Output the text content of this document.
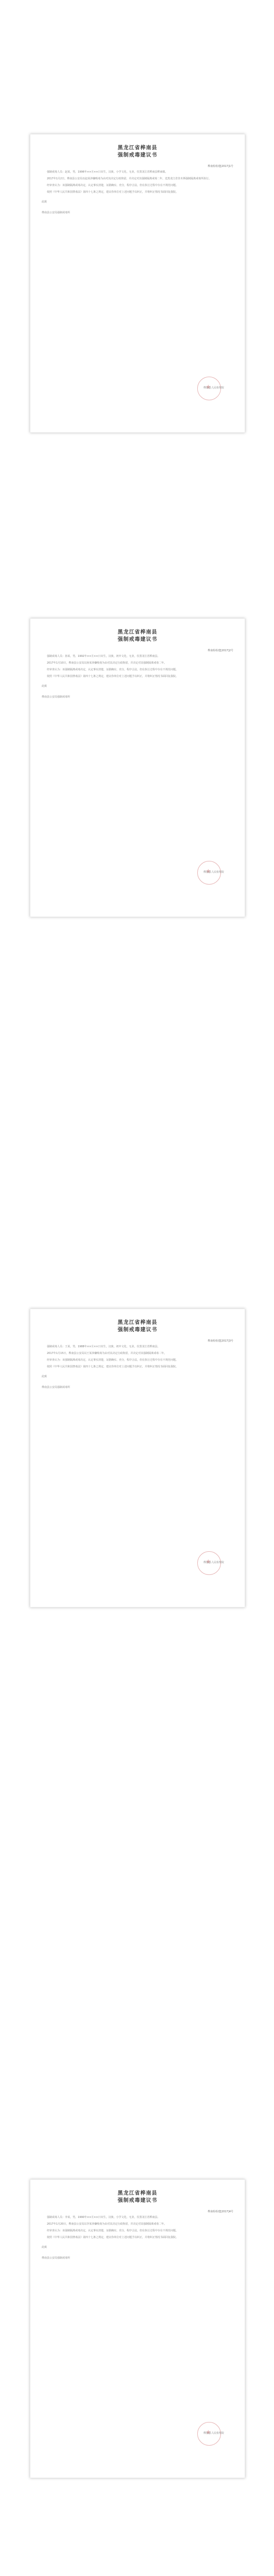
黑龙江省桦南县
强制戒毒建议书
桦南检检建[2017]1号

强制戒毒人员：赵某，男，1996年××月××日出生，汉族，小学文化，无业，住黑龙江省桦南县桦南镇。

2017年1月2日，桦南县公安局以赵某涉嫌吸毒为由对其决定行政拘留，并决定对其强制隔离戒毒二年，送黑龙江省佳木斯强制隔离戒毒所执行。

经审查认为：该强制隔离戒毒决定，认定事实清楚，证据确实、充分，程序合法，但在执行过程中存在不规范问题。

依照《中华人民共和国禁毒法》第四十七条之规定，建议你单位对上述问题予以纠正，并将纠正情况书面回复我院。

此致
桦南县公安局强制戒毒所
★
桦南县人民检察院
黑龙江省桦南县
强制戒毒建议书
桦南检检建[2017]2号

强制戒毒人员：孙某，男，1992年××月××日出生，汉族，初中文化，无业，住黑龙江省桦南县。

2017年1月10日，桦南县公安局以孙某涉嫌吸毒为由对其决定行政拘留，并决定对其强制隔离戒毒二年。

经审查认为：该强制隔离戒毒决定，认定事实清楚，证据确实、充分，程序合法，但在执行过程中存在不规范问题。

依照《中华人民共和国禁毒法》第四十七条之规定，建议你单位对上述问题予以纠正，并将纠正情况书面回复我院。

此致
桦南县公安局强制戒毒所
★
桦南县人民检察院
黑龙江省桦南县
强制戒毒建议书
桦南检检建[2017]3号

强制戒毒人员：王某，男，1988年××月××日出生，汉族，初中文化，无业，住黑龙江省桦南县。

2017年1月15日，桦南县公安局以王某涉嫌吸毒为由对其决定行政拘留，并决定对其强制隔离戒毒二年。

经审查认为：该强制隔离戒毒决定，认定事实清楚，证据确实、充分，程序合法，但在执行过程中存在不规范问题。

依照《中华人民共和国禁毒法》第四十七条之规定，建议你单位对上述问题予以纠正，并将纠正情况书面回复我院。

此致
桦南县公安局强制戒毒所
★
桦南县人民检察院
黑龙江省桦南县
强制戒毒建议书
桦南检检建[2017]4号

强制戒毒人员：李某，男，1990年××月××日出生，汉族，小学文化，无业，住黑龙江省桦南县。

2017年1月20日，桦南县公安局以李某涉嫌吸毒为由对其决定行政拘留，并决定对其强制隔离戒毒二年。

经审查认为：该强制隔离戒毒决定，认定事实清楚，证据确实、充分，程序合法，但在执行过程中存在不规范问题。

依照《中华人民共和国禁毒法》第四十七条之规定，建议你单位对上述问题予以纠正，并将纠正情况书面回复我院。

此致
桦南县公安局强制戒毒所
★
桦南县人民检察院
